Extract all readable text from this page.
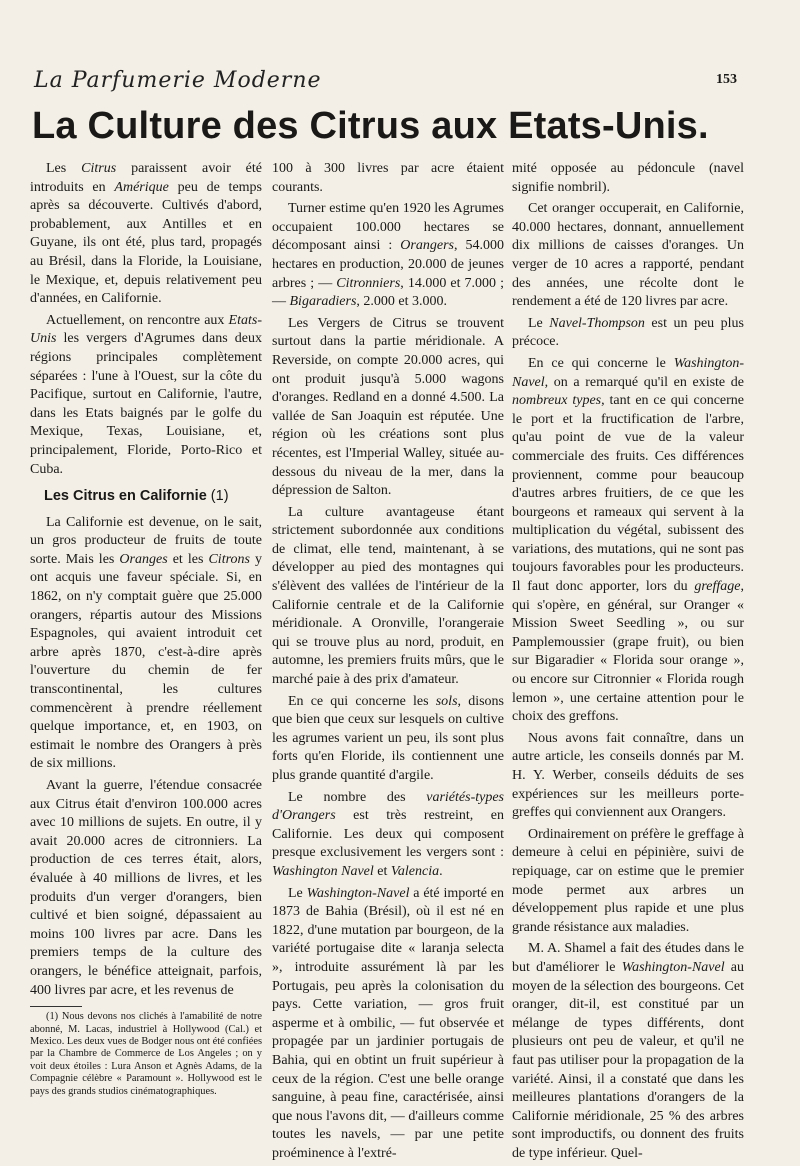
La Parfumerie Moderne	153
La Culture des Citrus aux Etats-Unis.

Les Citrus paraissent avoir été introduits en Amérique peu de temps après sa découverte. Cultivés d'abord, probablement, aux Antilles et en Guyane, ils ont été, plus tard, propagés au Brésil, dans la Floride, la Louisiane, le Mexique, et, depuis relativement peu d'années, en Californie.

Actuellement, on rencontre aux Etats-Unis les vergers d'Agrumes dans deux régions principales complètement séparées : l'une à l'Ouest, sur la côte du Pacifique, surtout en Californie, l'autre, dans les Etats baignés par le golfe du Mexique, Texas, Louisiane, et, principalement, Floride, Porto-Rico et Cuba.

Les Citrus en Californie (1)

La Californie est devenue, on le sait, un gros producteur de fruits de toute sorte. Mais les Oranges et les Citrons y ont acquis une faveur spéciale. Si, en 1862, on n'y comptait guère que 25.000 orangers, répartis autour des Missions Espagnoles, qui avaient introduit cet arbre après 1870, c'est-à-dire après l'ouverture du chemin de fer transcontinental, les cultures commencèrent à prendre réellement quelque importance, et, en 1903, on estimait le nombre des Orangers à près de six millions.

Avant la guerre, l'étendue consacrée aux Citrus était d'environ 100.000 acres avec 10 millions de sujets. En outre, il y avait 20.000 acres de citronniers. La production de ces terres était, alors, évaluée à 40 millions de livres, et les produits d'un verger d'orangers, bien cultivé et bien soigné, dépassaient au moins 100 livres par acre. Dans les premiers temps de la culture des orangers, le bénéfice atteignait, parfois, 400 livres par acre, et les revenus de

(1) Nous devons nos clichés à l'amabilité de notre abonné, M. Lacas, industriel à Hollywood (Cal.) et Mexico. Les deux vues de Bodger nous ont été confiées par la Chambre de Commerce de Los Angeles ; on y voit deux étoiles : Lura Anson et Agnès Adams, de la Compagnie célèbre « Paramount ». Hollywood est le pays des grands studios cinématographiques.

100 à 300 livres par acre étaient courants.

Turner estime qu'en 1920 les Agrumes occupaient 100.000 hectares se décomposant ainsi : Orangers, 54.000 hectares en production, 20.000 de jeunes arbres ; — Citronniers, 14.000 et 7.000 ; — Bigaradiers, 2.000 et 3.000.

Les Vergers de Citrus se trouvent surtout dans la partie méridionale. A Reverside, on compte 20.000 acres, qui ont produit jusqu'à 5.000 wagons d'oranges. Redland en a donné 4.500. La vallée de San Joaquin est réputée. Une région où les créations sont plus récentes, est l'Imperial Walley, située au-dessous du niveau de la mer, dans la dépression de Salton.

La culture avantageuse étant strictement subordonnée aux conditions de climat, elle tend, maintenant, à se développer au pied des montagnes qui s'élèvent des vallées de l'intérieur de la Californie centrale et de la Californie méridionale. A Oronville, l'orangeraie qui se trouve plus au nord, produit, en automne, les premiers fruits mûrs, que le marché paie à des prix d'amateur.

En ce qui concerne les sols, disons que bien que ceux sur lesquels on cultive les agrumes varient un peu, ils sont plus forts qu'en Floride, ils contiennent une plus grande quantité d'argile.

Le nombre des variétés-types d'Orangers est très restreint, en Californie. Les deux qui composent presque exclusivement les vergers sont : Washington Navel et Valencia.

Le Washington-Navel a été importé en 1873 de Bahia (Brésil), où il est né en 1822, d'une mutation par bourgeon, de la variété portugaise dite « laranja selecta », introduite assurément là par les Portugais, peu après la colonisation du pays. Cette variation, — gros fruit asperme et à ombilic, — fut observée et propagée par un jardinier portugais de Bahia, qui en obtint un fruit supérieur à ceux de la région. C'est une belle orange sanguine, à peau fine, caractérisée, ainsi que nous l'avons dit, — d'ailleurs comme toutes les navels, — par une petite proéminence à l'extré-

mité opposée au pédoncule (navel signifie nombril).

Cet oranger occuperait, en Californie, 40.000 hectares, donnant, annuellement dix millions de caisses d'oranges. Un verger de 10 acres a rapporté, pendant des années, une récolte dont le rendement a été de 120 livres par acre.

Le Navel-Thompson est un peu plus précoce.

En ce qui concerne le Washington-Navel, on a remarqué qu'il en existe de nombreux types, tant en ce qui concerne le port et la fructification de l'arbre, qu'au point de vue de la valeur commerciale des fruits. Ces différences proviennent, comme pour beaucoup d'autres arbres fruitiers, de ce que les bourgeons et rameaux qui servent à la multiplication du végétal, subissent des variations, des mutations, qui ne sont pas toujours favorables pour les producteurs. Il faut donc apporter, lors du greffage, qui s'opère, en général, sur Oranger « Mission Sweet Seedling », ou sur Pamplemoussier (grape fruit), ou bien sur Bigaradier « Florida sour orange », ou encore sur Citronnier « Florida rough lemon », une certaine attention pour le choix des greffons.

Nous avons fait connaître, dans un autre article, les conseils donnés par M. H. Y. Werber, conseils déduits de ses expériences sur les meilleurs porte-greffes qui conviennent aux Orangers.

Ordinairement on préfère le greffage à demeure à celui en pépinière, suivi de repiquage, car on estime que le premier mode permet aux arbres un développement plus rapide et une plus grande résistance aux maladies.

M. A. Shamel a fait des études dans le but d'améliorer le Washington-Navel au moyen de la sélection des bourgeons. Cet oranger, dit-il, est constitué par un mélange de types différents, dont plusieurs ont peu de valeur, et qu'il ne faut pas utiliser pour la propagation de la variété. Ainsi, il a constaté que dans les meilleures plantations d'orangers de la Californie méridionale, 25 % des arbres sont improductifs, ou donnent des fruits de type inférieur. Quel-
